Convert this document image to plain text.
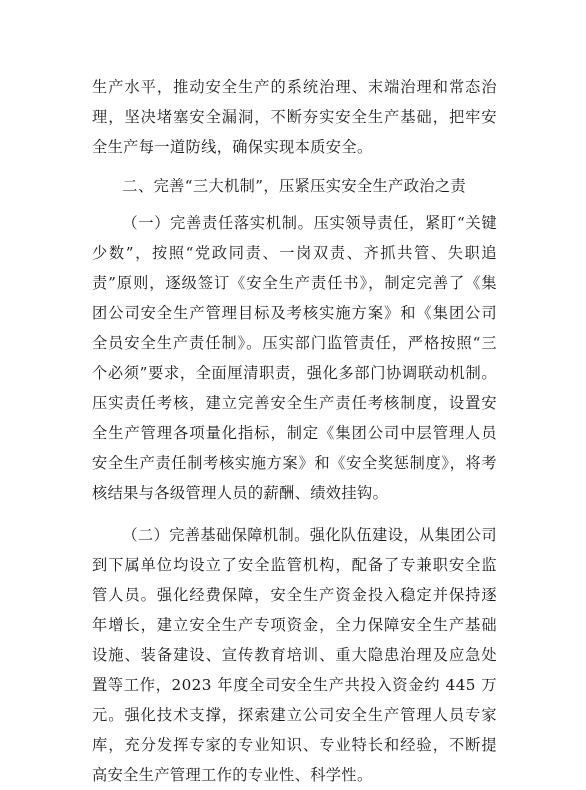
生产水平，推动安全生产的系统治理、末端治理和常态治理，坚决堵塞安全漏洞，不断夯实安全生产基础，把牢安全生产每一道防线，确保实现本质安全。

二、完善“三大机制”，压紧压实安全生产政治之责

（一）完善责任落实机制。压实领导责任，紧盯“关键少数”，按照“党政同责、一岗双责、齐抓共管、失职追责”原则，逐级签订《安全生产责任书》，制定完善了《集团公司安全生产管理目标及考核实施方案》和《集团公司全员安全生产责任制》。压实部门监管责任，严格按照“三个必须”要求，全面厘清职责，强化多部门协调联动机制。压实责任考核，建立完善安全生产责任考核制度，设置安全生产管理各项量化指标，制定《集团公司中层管理人员安全生产责任制考核实施方案》和《安全奖惩制度》，将考核结果与各级管理人员的薪酬、绩效挂钩。

（二）完善基础保障机制。强化队伍建设，从集团公司到下属单位均设立了安全监管机构，配备了专兼职安全监管人员。强化经费保障，安全生产资金投入稳定并保持逐年增长，建立安全生产专项资金，全力保障安全生产基础设施、装备建设、宣传教育培训、重大隐患治理及应急处置等工作，2023 年度全司安全生产共投入资金约 445 万元。强化技术支撑，探索建立公司安全生产管理人员专家库，充分发挥专家的专业知识、专业特长和经验，不断提高安全生产管理工作的专业性、科学性。
